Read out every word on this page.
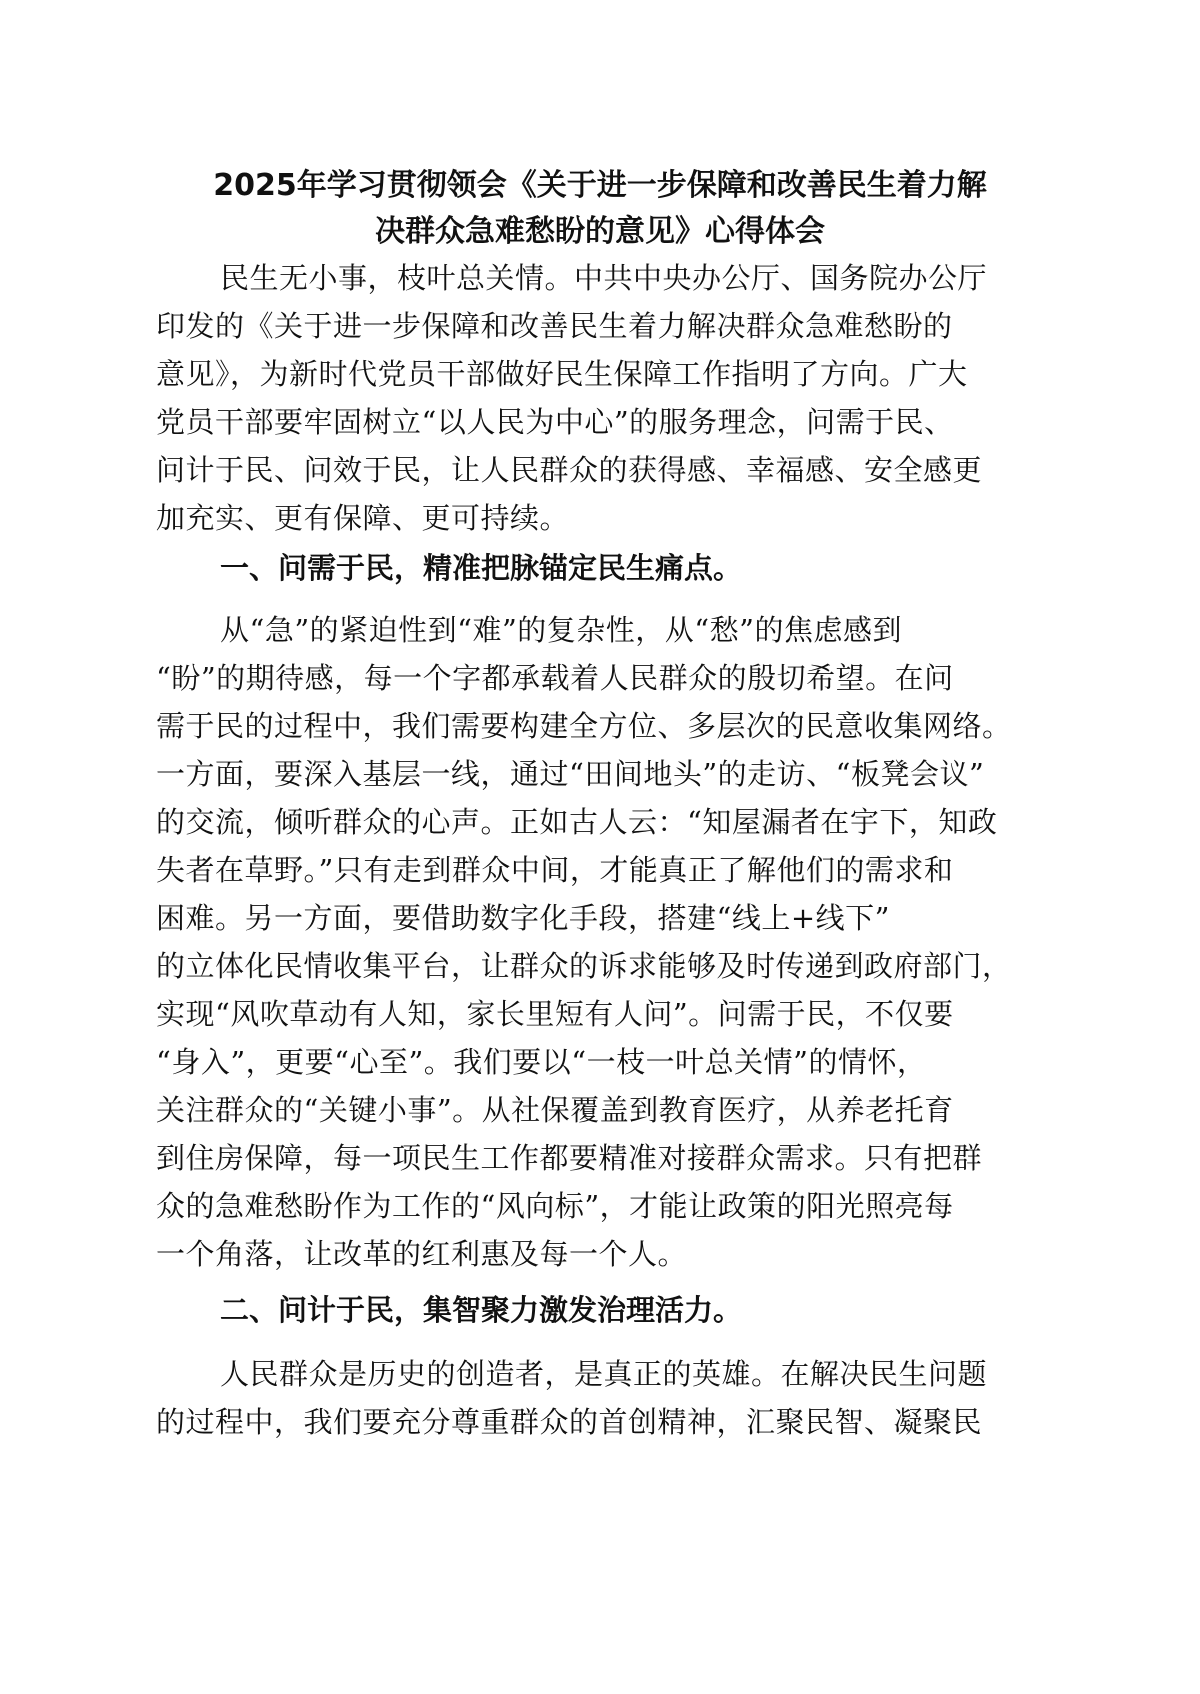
2025年学习贯彻领会《关于进一步保障和改善民生着力解
决群众急难愁盼的意见》心得体会
民生无小事，枝叶总关情。中共中央办公厅、国务院办公厅
印发的《关于进一步保障和改善民生着力解决群众急难愁盼的
意见》，为新时代党员干部做好民生保障工作指明了方向。广大
党员干部要牢固树立“以人民为中心”的服务理念，问需于民、
问计于民、问效于民，让人民群众的获得感、幸福感、安全感更
加充实、更有保障、更可持续。
一、问需于民，精准把脉锚定民生痛点。
从“急”的紧迫性到“难”的复杂性，从“愁”的焦虑感到
“盼”的期待感，每一个字都承载着人民群众的殷切希望。在问
需于民的过程中，我们需要构建全方位、多层次的民意收集网络。
一方面，要深入基层一线，通过“田间地头”的走访、“板凳会议”
的交流，倾听群众的心声。正如古人云：“知屋漏者在宇下，知政
失者在草野。”只有走到群众中间，才能真正了解他们的需求和
困难。另一方面，要借助数字化手段，搭建“线上+线下”
的立体化民情收集平台，让群众的诉求能够及时传递到政府部门，
实现“风吹草动有人知，家长里短有人问”。问需于民，不仅要
“身入”，更要“心至”。我们要以“一枝一叶总关情”的情怀，
关注群众的“关键小事”。从社保覆盖到教育医疗，从养老托育
到住房保障，每一项民生工作都要精准对接群众需求。只有把群
众的急难愁盼作为工作的“风向标”，才能让政策的阳光照亮每
一个角落，让改革的红利惠及每一个人。
二、问计于民，集智聚力激发治理活力。
人民群众是历史的创造者，是真正的英雄。在解决民生问题
的过程中，我们要充分尊重群众的首创精神，汇聚民智、凝聚民
